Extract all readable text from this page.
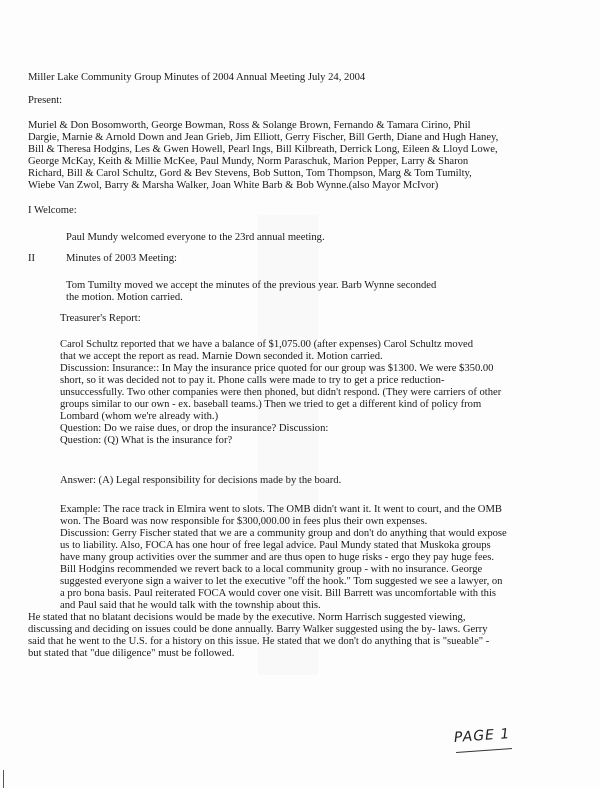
Miller Lake Community Group Minutes of 2004 Annual Meeting July 24, 2004
Present:
Muriel & Don Bosomworth, George Bowman, Ross & Solange Brown, Fernando & Tamara Cirino, Phil
Dargie, Marnie & Arnold Down and Jean Grieb, Jim Elliott, Gerry Fischer, Bill Gerth, Diane and Hugh Haney,
Bill & Theresa Hodgins, Les & Gwen Howell, Pearl Ings, Bill Kilbreath, Derrick Long, Eileen & Lloyd Lowe,
George McKay, Keith & Millie McKee, Paul Mundy, Norm Paraschuk, Marion Pepper, Larry & Sharon
Richard, Bill & Carol Schultz, Gord & Bev Stevens, Bob Sutton, Tom Thompson, Marg & Tom Tumilty,
Wiebe Van Zwol, Barry & Marsha Walker, Joan White Barb & Bob Wynne.(also Mayor McIvor)
I Welcome:
Paul Mundy welcomed everyone to the 23rd annual meeting.
II	Minutes of 2003 Meeting:
Tom Tumilty moved we accept the minutes of the previous year. Barb Wynne seconded
the motion. Motion carried.
Treasurer's Report:
Carol Schultz reported that we have a balance of $1,075.00 (after expenses) Carol Schultz moved
that we accept the report as read. Marnie Down seconded it. Motion carried.
Discussion: Insurance:: In May the insurance price quoted for our group was $1300. We were $350.00
short, so it was decided not to pay it. Phone calls were made to try to get a price reduction-
unsuccessfully. Two other companies were then phoned, but didn't respond. (They were carriers of other
groups similar to our own - ex. baseball teams.) Then we tried to get a different kind of policy from
Lombard (whom we're already with.)
Question: Do we raise dues, or drop the insurance? Discussion:
Question: (Q) What is the insurance for?
Answer: (A) Legal responsibility for decisions made by the board.
Example: The race track in Elmira went to slots. The OMB didn't want it. It went to court, and the OMB
won. The Board was now responsible for $300,000.00 in fees plus their own expenses.
Discussion: Gerry Fischer stated that we are a community group and don't do anything that would expose
us to liability. Also, FOCA has one hour of free legal advice. Paul Mundy stated that Muskoka groups
have many group activities over the summer and are thus open to huge risks - ergo they pay huge fees.
Bill Hodgins recommended we revert back to a local community group - with no insurance. George
suggested everyone sign a waiver to let the executive "off the hook." Tom suggested we see a lawyer, on
a pro bona basis. Paul reiterated FOCA would cover one visit. Bill Barrett was uncomfortable with this
and Paul said that he would talk with the township about this.
He stated that no blatant decisions would be made by the executive. Norm Harrisch suggested viewing,
discussing and deciding on issues could be done annually. Barry Walker suggested using the by- laws. Gerry
said that he went to the U.S. for a history on this issue. He stated that we don't do anything that is "sueable" -
but stated that "due diligence" must be followed.
PAGE 1
